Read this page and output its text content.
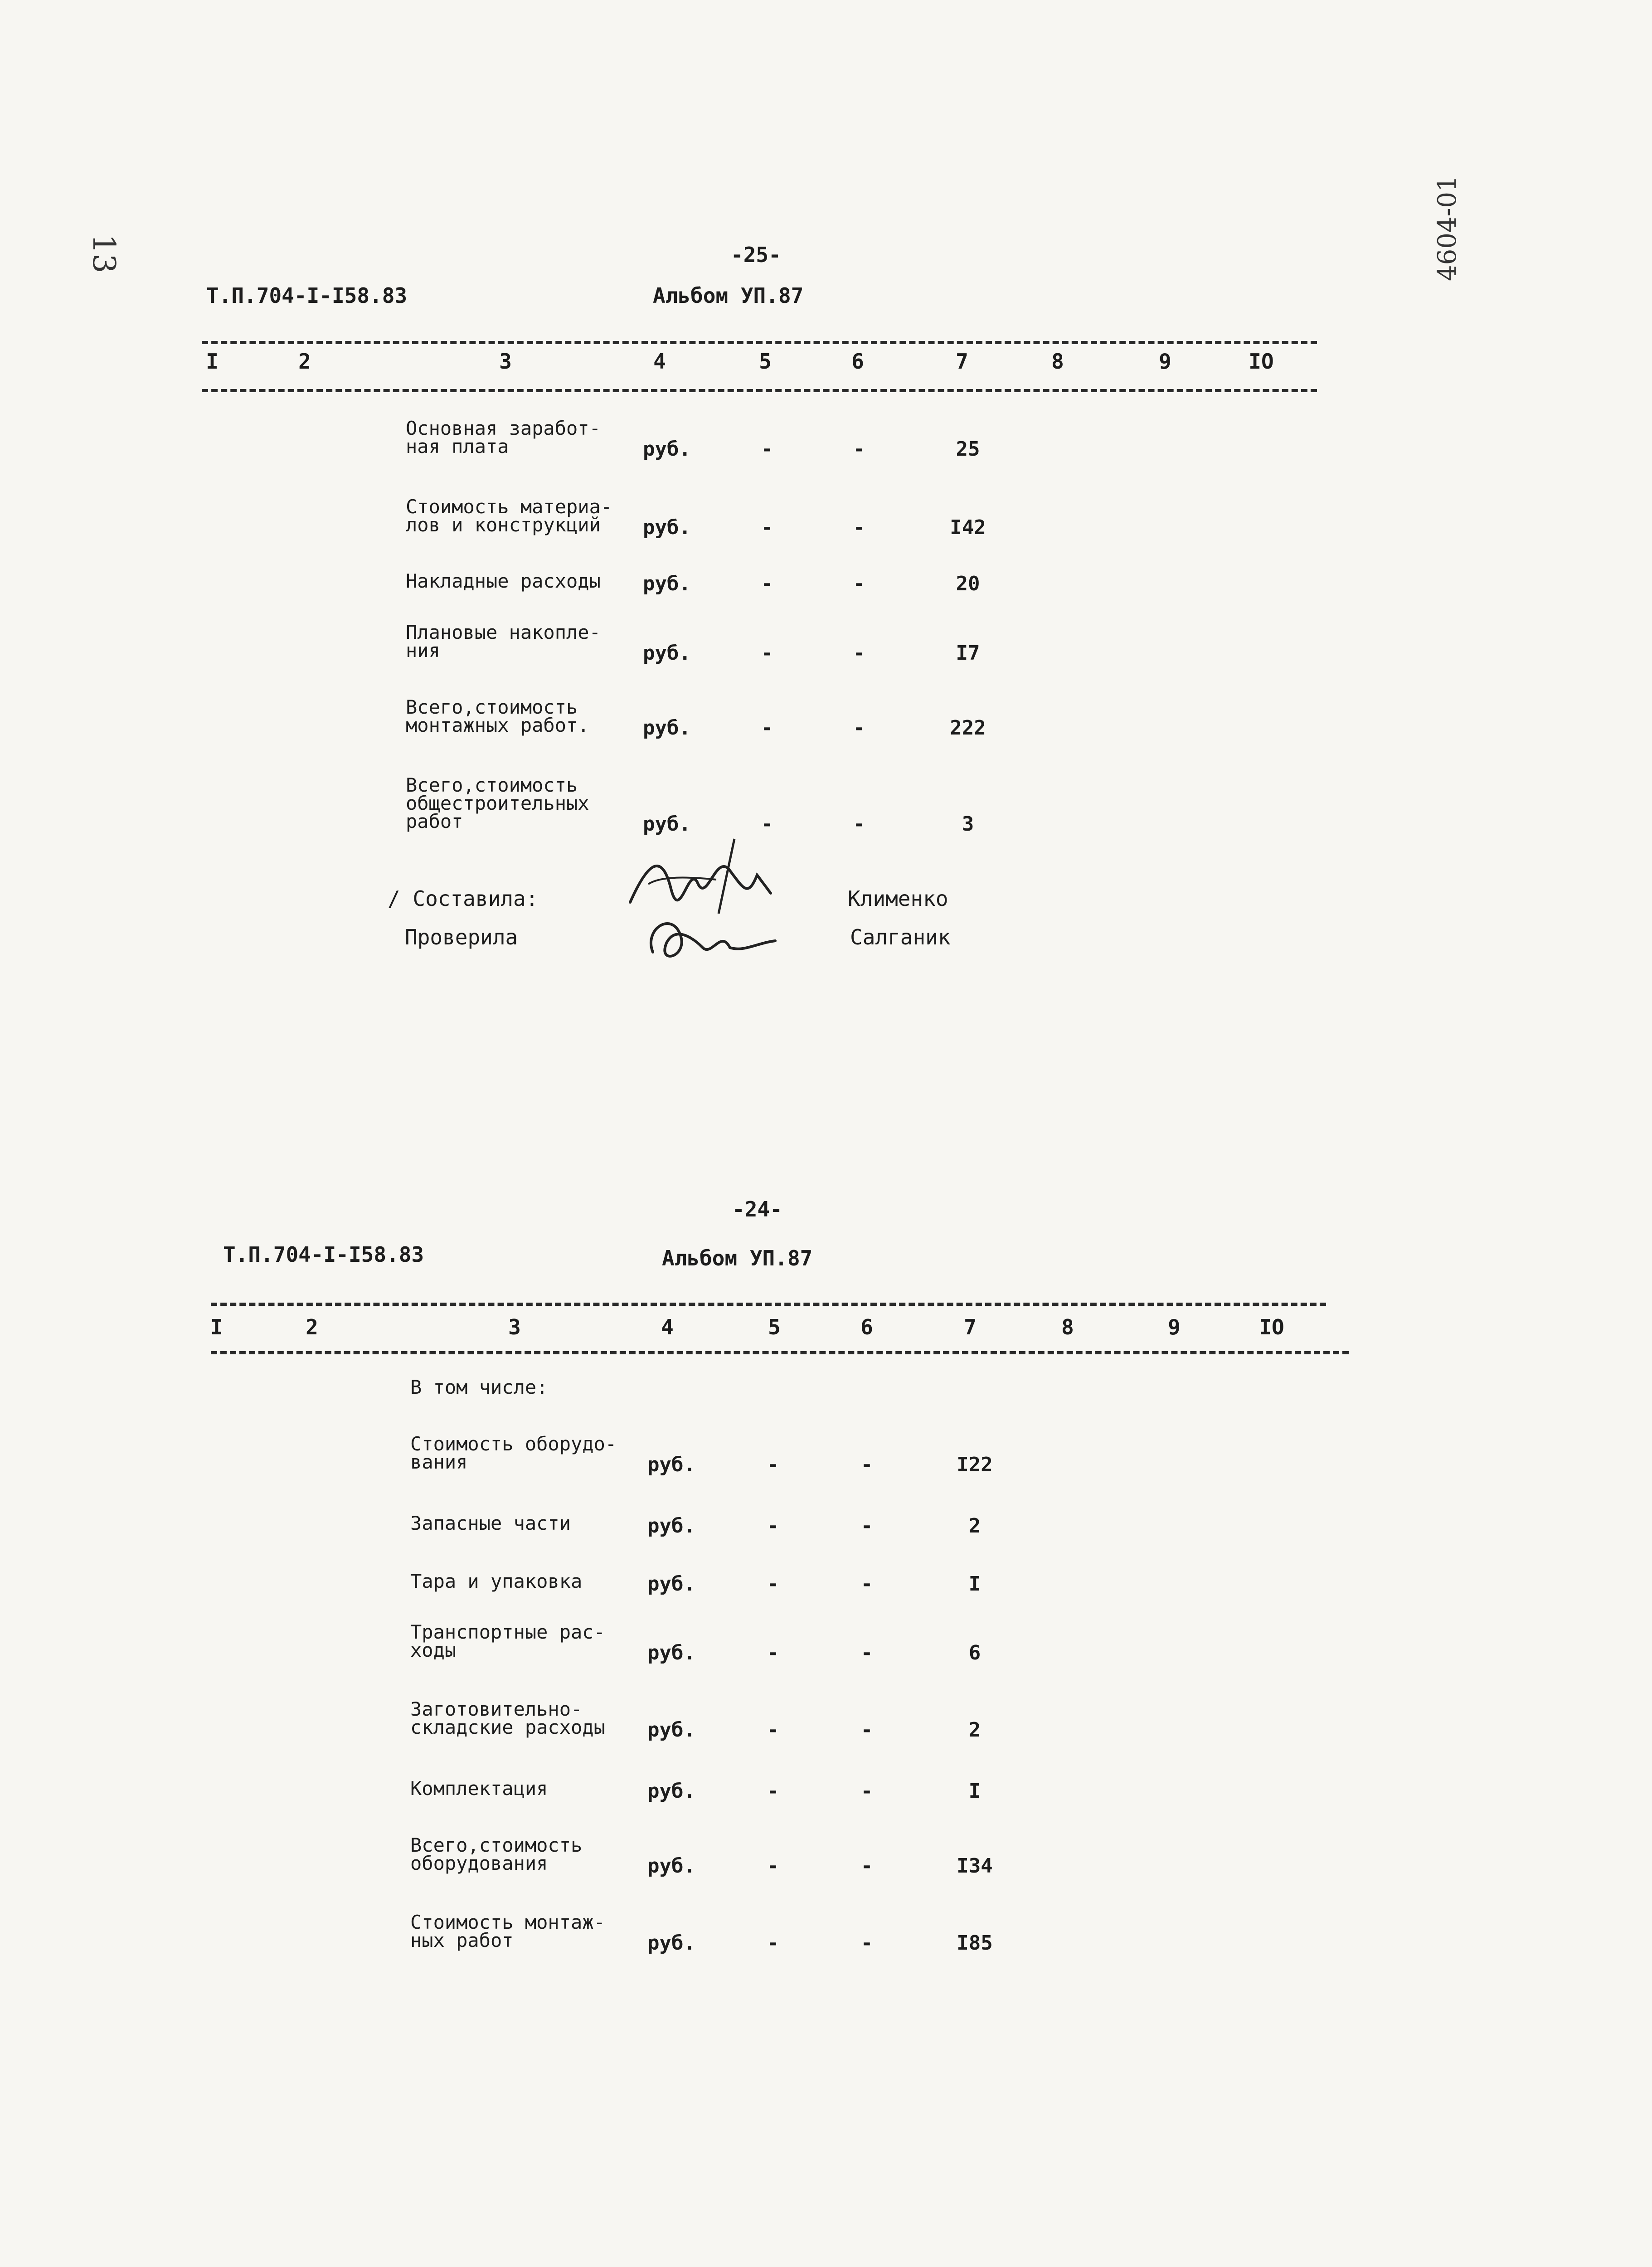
13	4604-01
-25-
Т.П.704-I-I58.83	Альбом УП.87
I	2	3	4	5	6	7	8	9	IO
Основная заработ-
ная плата	руб.	-	-	25
Стоимость материа-
лов и конструкций	руб.	-	-	I42
Накладные расходы	руб.	-	-	20
Плановые накопле-
ния	руб.	-	-	I7
Всего,стоимость
монтажных работ.	руб.	-	-	222
Всего,стоимость
общестроительных
работ	руб.	-	-	3
/ Составила:	Клименко
Проверила	Салганик
-24-
Т.П.704-I-I58.83	Альбом УП.87
I	2	3	4	5	6	7	8	9	IO
В том числе:
Стоимость оборудо-
вания	руб.	-	-	I22
Запасные части	руб.	-	-	2
Тара и упаковка	руб.	-	-	I
Транспортные рас-
ходы	руб.	-	-	6
Заготовительно-
складские расходы	руб.	-	-	2
Комплектация	руб.	-	-	I
Всего,стоимость
оборудования	руб.	-	-	I34
Стоимость монтаж-
ных работ	руб.	-	-	I85
